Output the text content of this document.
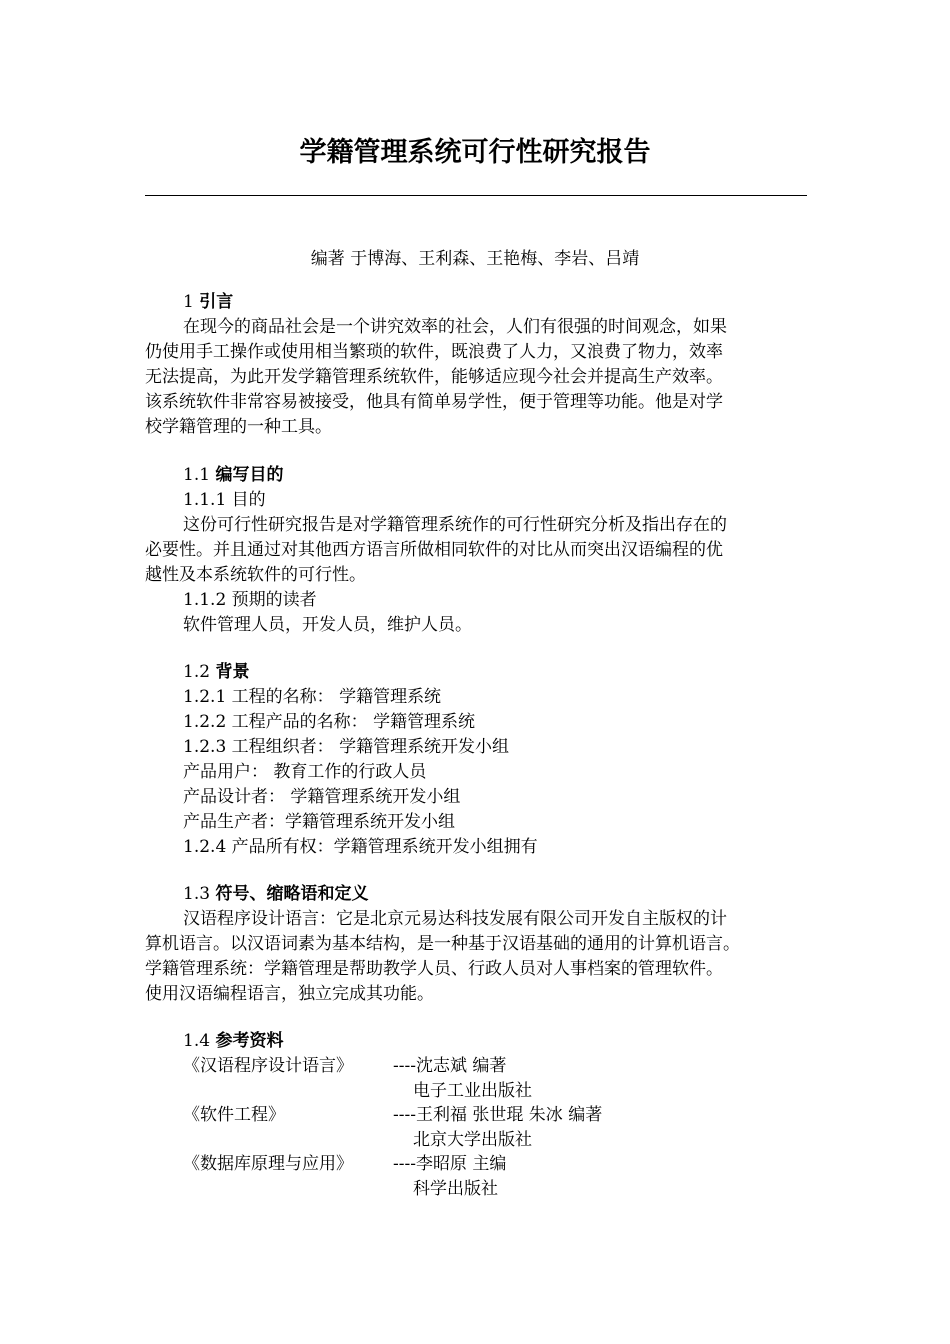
学籍管理系统可行性研究报告
编著 于博海、王利森、王艳梅、李岩、吕靖
1 引言
在现今的商品社会是一个讲究效率的社会，人们有很强的时间观念，如果
仍使用手工操作或使用相当繁琐的软件，既浪费了人力，又浪费了物力，效率
无法提高，为此开发学籍管理系统软件，能够适应现今社会并提高生产效率。
该系统软件非常容易被接受，他具有简单易学性，便于管理等功能。他是对学
校学籍管理的一种工具。
1.1 编写目的
1.1.1 目的
这份可行性研究报告是对学籍管理系统作的可行性研究分析及指出存在的
必要性。并且通过对其他西方语言所做相同软件的对比从而突出汉语编程的优
越性及本系统软件的可行性。
1.1.2 预期的读者
软件管理人员，开发人员，维护人员。
1.2 背景
1.2.1 工程的名称： 学籍管理系统
1.2.2 工程产品的名称： 学籍管理系统
1.2.3 工程组织者： 学籍管理系统开发小组
产品用户： 教育工作的行政人员
产品设计者： 学籍管理系统开发小组
产品生产者：学籍管理系统开发小组
1.2.4 产品所有权：学籍管理系统开发小组拥有
1.3 符号、缩略语和定义
汉语程序设计语言：它是北京元易达科技发展有限公司开发自主版权的计
算机语言。以汉语词素为基本结构，是一种基于汉语基础的通用的计算机语言。
学籍管理系统：学籍管理是帮助教学人员、行政人员对人事档案的管理软件。
使用汉语编程语言，独立完成其功能。
1.4 参考资料
《汉语程序设计语言》 ----沈志斌 编著
电子工业出版社
《软件工程》	----王利福 张世琨 朱冰 编著
北京大学出版社
《数据库原理与应用》 ----李昭原 主编
科学出版社
